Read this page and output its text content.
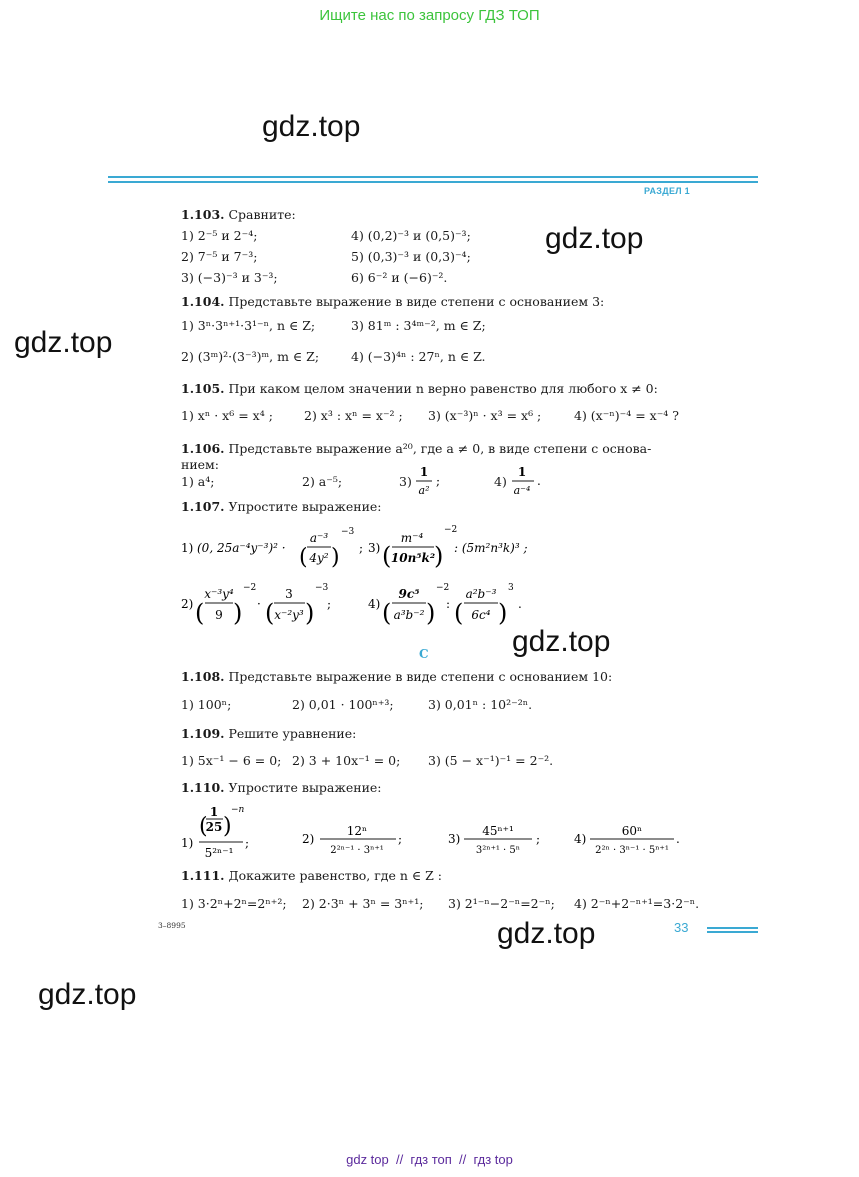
Ищите нас по запросу ГДЗ ТОП
gdz.top
gdz.top
gdz.top
gdz.top
gdz.top
gdz.top
РАЗДЕЛ 1
1.103. Сравните:
1) 2⁻⁵ и 2⁻⁴;	4) (0,2)⁻³ и (0,5)⁻³;
2) 7⁻⁵ и 7⁻³;	5) (0,3)⁻³ и (0,3)⁻⁴;
3) (−3)⁻³ и 3⁻³;	6) 6⁻² и (−6)⁻².
1.104. Представьте выражение в виде степени с основанием 3:
1) 3ⁿ·3ⁿ⁺¹·3¹⁻ⁿ, n ∈ Z;	3) 81ᵐ : 3⁴ᵐ⁻², m ∈ Z;
2) (3ᵐ)²·(3⁻³)ᵐ, m ∈ Z;	4) (−3)⁴ⁿ : 27ⁿ, n ∈ Z.
1.105. При каком целом значении n верно равенство для любого x ≠ 0:
1) xⁿ · x⁶ = x⁴ ; 2) x³ : xⁿ = x⁻² ; 3) (x⁻³)ⁿ · x³ = x⁶ ;	4) (x⁻ⁿ)⁻⁴ = x⁻⁴ ?
1.106. Представьте выражение a²⁰, где a ≠ 0, в виде степени с основа-
нием:
1) a⁴;	2) a⁻⁵;	3)
1
a²
;	4)
1
a⁻⁴
.
1.107. Упростите выражение:
1) (0, 25a⁻⁴y⁻³)² · (
a⁻³
4y² )
−3
; 3) (
m⁻⁴
10n⁵k²
)
−2
: (5m²n³k)³ ;
2) (
x⁻³y⁴
9 )
−2
· (
3
x⁻²y³ )
−3
;	4) (
9c⁵
a³b⁻² )
−2
: (
a²b⁻³
6c⁴ )
3
.
C
1.108. Представьте выражение в виде степени с основанием 10:
1) 100ⁿ;	2) 0,01 · 100ⁿ⁺³;	3) 0,01ⁿ : 10²⁻²ⁿ.
1.109. Решите уравнение:
1) 5x⁻¹ − 6 = 0; 2) 3 + 10x⁻¹ = 0; 3) (5 − x⁻¹)⁻¹ = 2⁻².
1.110. Упростите выражение:
1)
(
1
25 )
−n
5²ⁿ⁻¹
;	2)
12ⁿ
2²ⁿ⁻¹ · 3ⁿ⁺¹
;	3)
45ⁿ⁺¹
3²ⁿ⁺¹ · 5ⁿ
;	4)
60ⁿ
2²ⁿ · 3ⁿ⁻¹ · 5ⁿ⁺¹
.
1.111. Докажите равенство, где n ∈ Z :
1) 3·2ⁿ+2ⁿ=2ⁿ⁺²; 2) 2·3ⁿ + 3ⁿ = 3ⁿ⁺¹; 3) 2¹⁻ⁿ−2⁻ⁿ=2⁻ⁿ; 4) 2⁻ⁿ+2⁻ⁿ⁺¹=3·2⁻ⁿ.
3–8995	33
gdz top  //  гдз топ  //  гдз top
